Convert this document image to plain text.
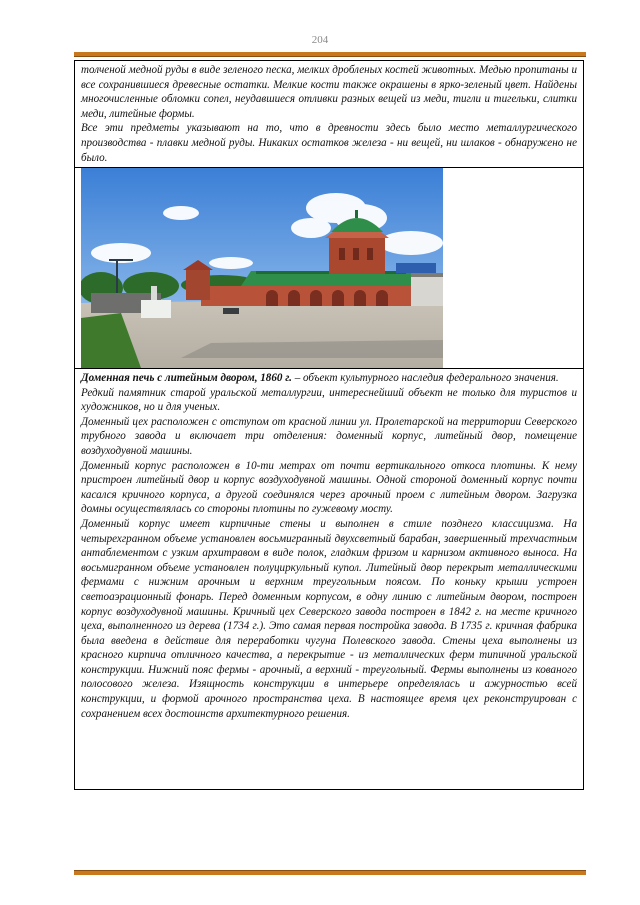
204

толченой медной руды в виде зеленого песка, мелких дробленых костей животных. Медью пропитаны и все сохранившиеся древесные остатки. Мелкие кости также окрашены в ярко-зеленый цвет. Найдены многочисленные обломки сопел, неудавшиеся отливки разных вещей из меди, тигли и тигельки, слитки меди, литейные формы.

Все эти предметы указывают на то, что в древности здесь было место металлургического производства - плавки медной руды. Никаких остатков железа - ни вещей, ни шлаков - обнаружено не было.

Доменная печь с литейным двором, 1860 г. – объект культурного наследия федерального значения.

Редкий памятник старой уральской металлургии, интереснейший объект не только для туристов и художников, но и для ученых.

Доменный цех расположен с отступом от красной линии ул. Пролетарской на территории Северского трубного завода и включает три отделения: доменный корпус, литейный двор, помещение воздуходувной машины.

Доменный корпус расположен в 10-ти метрах от почти вертикального откоса плотины. К нему пристроен литейный двор и корпус воздуходувной машины. Одной стороной доменный корпус почти касался кричного корпуса, а другой соединялся через арочный проем с литейным двором. Загрузка домны осуществлялась со стороны плотины по гужевому мосту.

Доменный корпус имеет кирпичные стены и выполнен в стиле позднего классицизма. На четырехгранном объеме установлен восьмигранный двухсветный барабан, завершенный трехчастным антаблементом с узким архитравом в виде полок, гладким фризом и карнизом активного выноса. На восьмигранном объеме установлен полуциркульный купол. Литейный двор перекрыт металлическими фермами с нижним арочным и верхним треугольным поясом. По коньку крыши устроен светоаэрационный фонарь. Перед доменным корпусом, в одну линию с литейным двором, построен корпус воздуходувной машины. Кричный цех Северского завода построен в 1842 г. на месте кричного цеха, выполненного из дерева (1734 г.). Это самая первая постройка завода. В 1735 г. кричная фабрика была введена в действие для переработки чугуна Полевского завода. Стены цеха выполнены из красного кирпича отличного качества, а перекрытие - из металлических ферм типичной уральской конструкции. Нижний пояс фермы - арочный, а верхний - треугольный. Фермы выполнены из кованого полосового железа. Изящность конструкции в интерьере определялась и ажурностью всей конструкции, и формой арочного пространства цеха. В настоящее время цех реконструирован с сохранением всех достоинств архитектурного решения.
